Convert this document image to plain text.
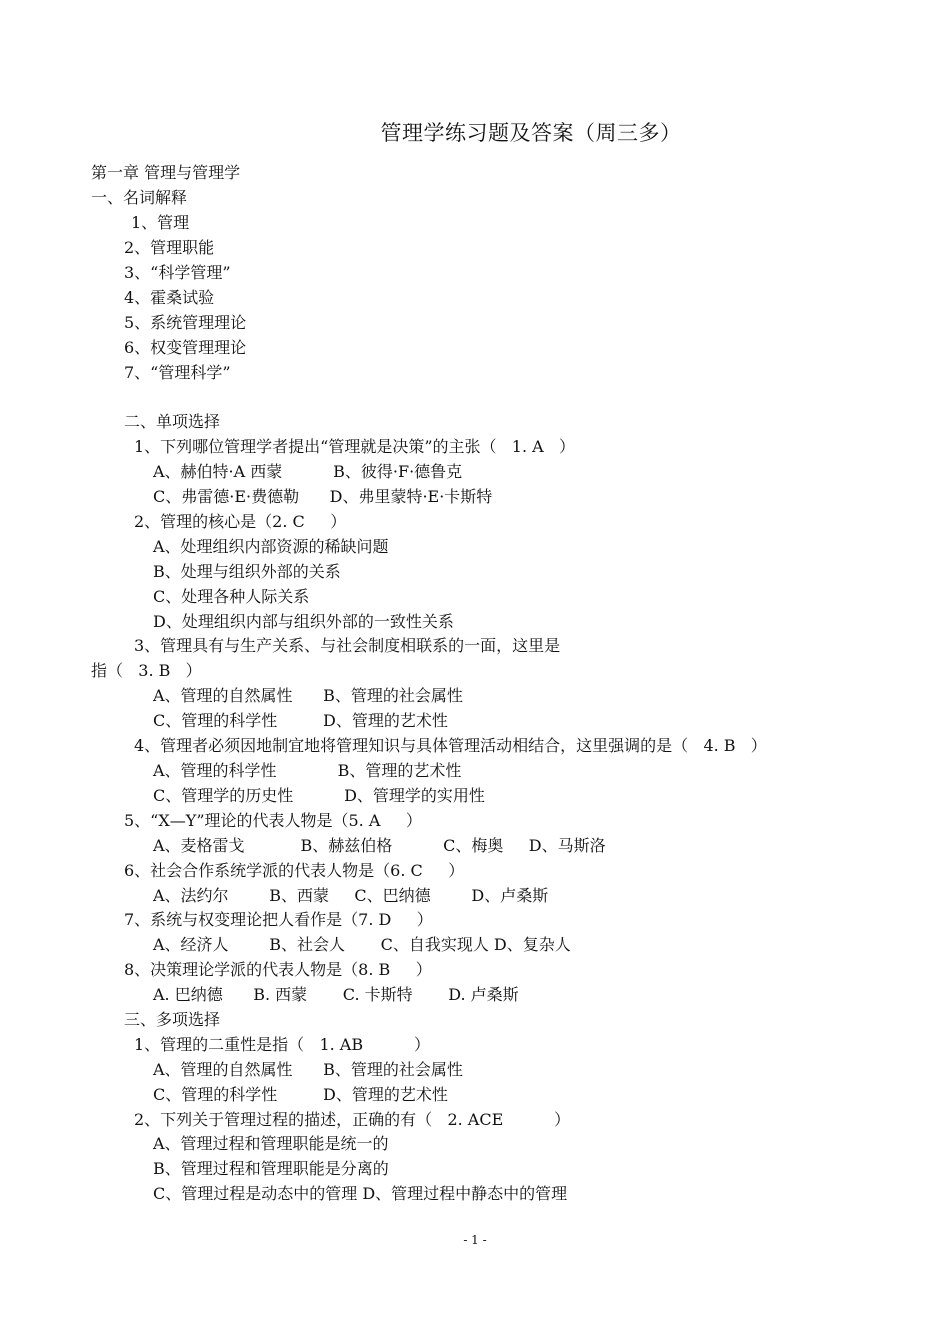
管理学练习题及答案（周三多）
第一章 管理与管理学
一、名词解释
1、管理
2、管理职能
3、“科学管理”
4、霍桑试验
5、系统管理理论
6、权变管理理论
7、“管理科学”
二、单项选择
1、下列哪位管理学者提出“管理就是决策”的主张（   1. A   ）
A、赫伯特·A 西蒙          B、彼得·F·德鲁克
C、弗雷德·E·费德勒      D、弗里蒙特·E·卡斯特
2、管理的核心是（2. C     ）
A、处理组织内部资源的稀缺问题
B、处理与组织外部的关系
C、处理各种人际关系
D、处理组织内部与组织外部的一致性关系
3、管理具有与生产关系、与社会制度相联系的一面，这里是
指（   3. B   ）
A、管理的自然属性      B、管理的社会属性
C、管理的科学性         D、管理的艺术性
4、管理者必须因地制宜地将管理知识与具体管理活动相结合，这里强调的是（   4. B   ）
A、管理的科学性            B、管理的艺术性
C、管理学的历史性          D、管理学的实用性
5、“X—Y”理论的代表人物是（5. A     ）
A、麦格雷戈           B、赫兹伯格          C、梅奥     D、马斯洛
6、社会合作系统学派的代表人物是（6. C     ）
A、法约尔        B、西蒙     C、巴纳德        D、卢桑斯
7、系统与权变理论把人看作是（7. D     ）
A、经济人        B、社会人       C、自我实现人 D、复杂人
8、决策理论学派的代表人物是（8. B     ）
A. 巴纳德      B. 西蒙       C. 卡斯特       D. 卢桑斯
三、多项选择
1、管理的二重性是指（   1. AB          ）
A、管理的自然属性      B、管理的社会属性
C、管理的科学性         D、管理的艺术性
2、下列关于管理过程的描述，正确的有（   2. ACE          ）
A、管理过程和管理职能是统一的
B、管理过程和管理职能是分离的
C、管理过程是动态中的管理 D、管理过程中静态中的管理
- 1 -
